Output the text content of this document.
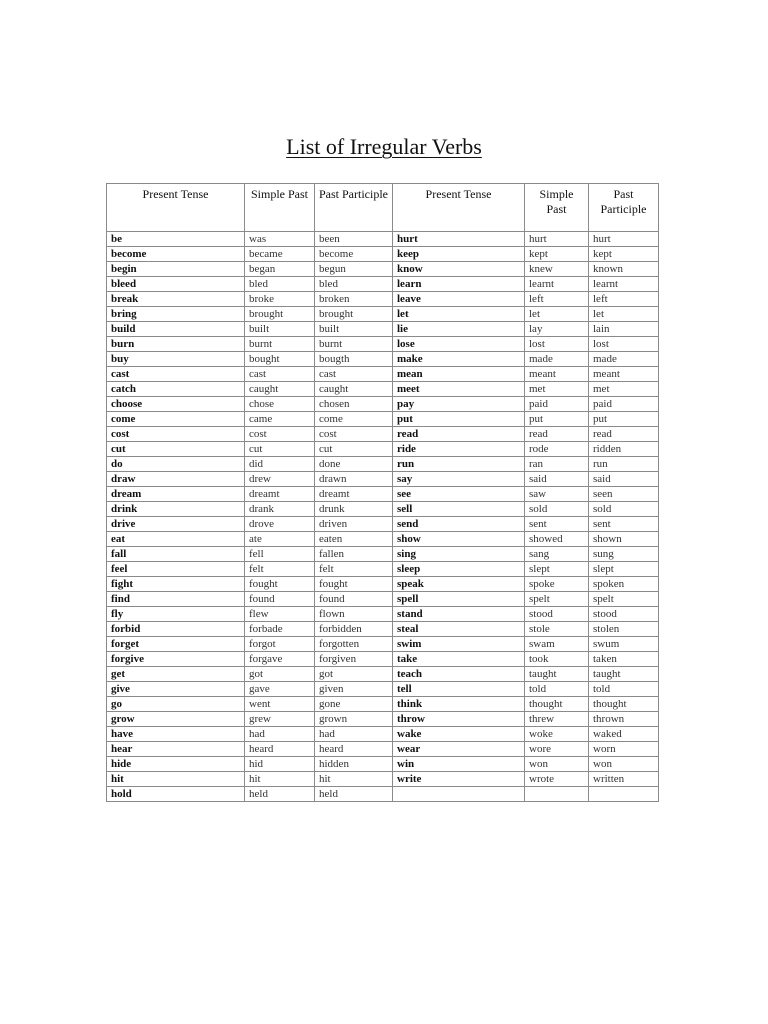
List of Irregular Verbs
Present Tense	Simple Past	Past Participle	Present Tense	Simple Past	Past Participle
be	was	been	hurt	hurt	hurt
become	became	become	keep	kept	kept
begin	began	begun	know	knew	known
bleed	bled	bled	learn	learnt	learnt
break	broke	broken	leave	left	left
bring	brought	brought	let	let	let
build	built	built	lie	lay	lain
burn	burnt	burnt	lose	lost	lost
buy	bought	bougth	make	made	made
cast	cast	cast	mean	meant	meant
catch	caught	caught	meet	met	met
choose	chose	chosen	pay	paid	paid
come	came	come	put	put	put
cost	cost	cost	read	read	read
cut	cut	cut	ride	rode	ridden
do	did	done	run	ran	run
draw	drew	drawn	say	said	said
dream	dreamt	dreamt	see	saw	seen
drink	drank	drunk	sell	sold	sold
drive	drove	driven	send	sent	sent
eat	ate	eaten	show	showed	shown
fall	fell	fallen	sing	sang	sung
feel	felt	felt	sleep	slept	slept
fight	fought	fought	speak	spoke	spoken
find	found	found	spell	spelt	spelt
fly	flew	flown	stand	stood	stood
forbid	forbade	forbidden	steal	stole	stolen
forget	forgot	forgotten	swim	swam	swum
forgive	forgave	forgiven	take	took	taken
get	got	got	teach	taught	taught
give	gave	given	tell	told	told
go	went	gone	think	thought	thought
grow	grew	grown	throw	threw	thrown
have	had	had	wake	woke	waked
hear	heard	heard	wear	wore	worn
hide	hid	hidden	win	won	won
hit	hit	hit	write	wrote	written
hold	held	held			
